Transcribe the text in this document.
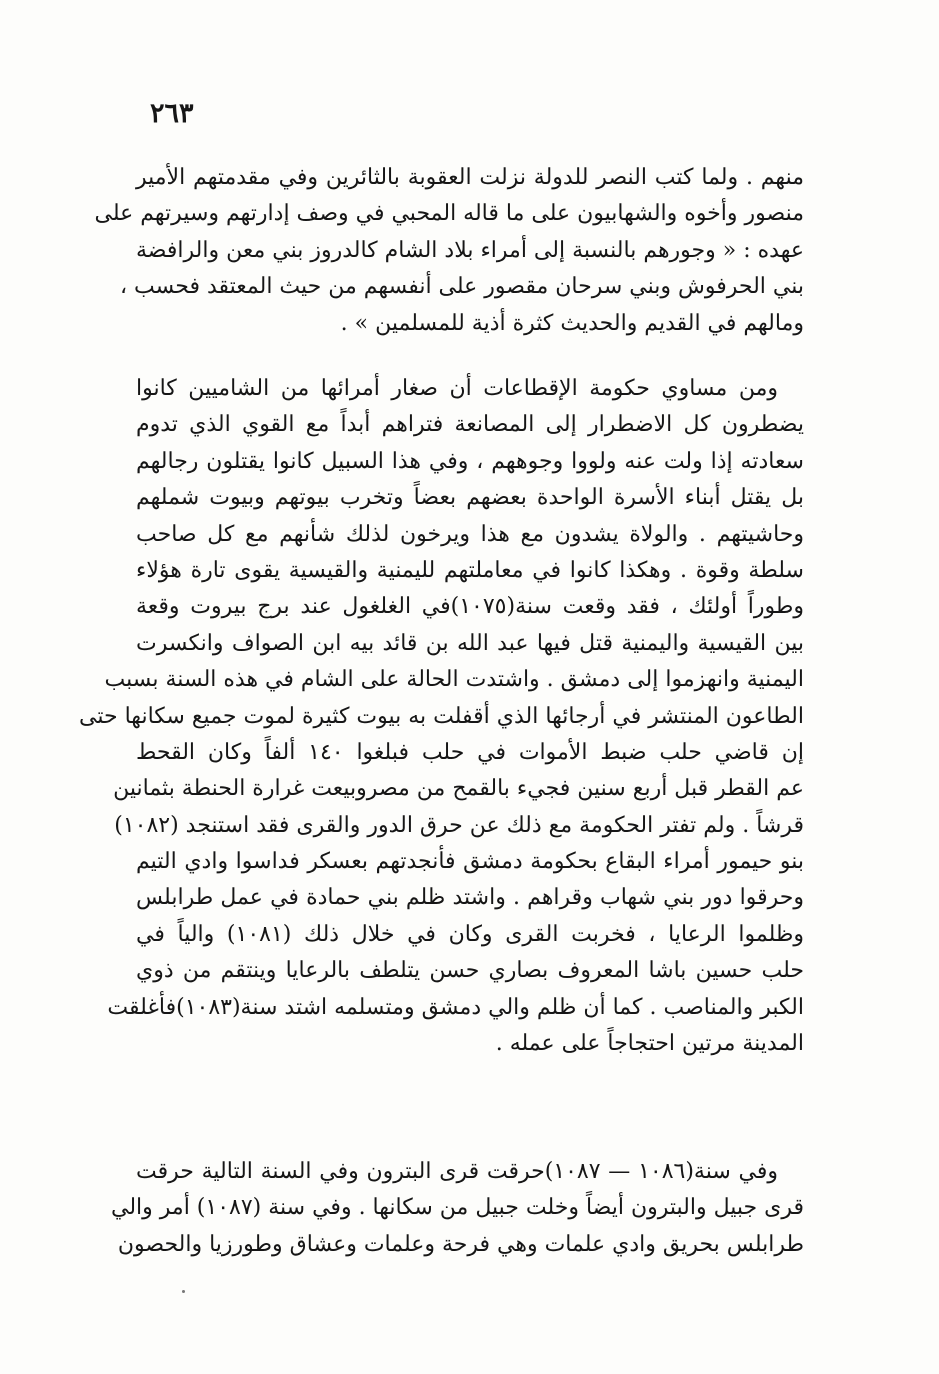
٢٦٣
منهم . ولما كتب النصر للدولة نزلت العقوبة بالثائرين وفي مقدمتهم الأمير
منصور وأخوه والشهابيون على ما قاله المحبي في وصف إدارتهم وسيرتهم على
عهده : « وجورهم بالنسبة إلى أمراء بلاد الشام كالدروز بني معن والرافضة
بني الحرفوش وبني سرحان مقصور على أنفسهم من حيث المعتقد فحسب ،
ومالهم في القديم والحديث كثرة أذية للمسلمين » .
ومن مساوي حكومة الإقطاعات أن صغار أمرائها من الشاميين كانوا
يضطرون كل الاضطرار إلى المصانعة فتراهم أبداً مع القوي الذي تدوم
سعادته إذا ولت عنه ولووا وجوههم ، وفي هذا السبيل كانوا يقتلون رجالهم
بل يقتل أبناء الأسرة الواحدة بعضهم بعضاً وتخرب بيوتهم وبيوت شملهم
وحاشيتهم . والولاة يشدون مع هذا ويرخون لذلك شأنهم مع كل صاحب
سلطة وقوة . وهكذا كانوا في معاملتهم لليمنية والقيسية يقوى تارة هؤلاء
وطوراً أولئك ، فقد وقعت سنة(١٠٧٥)في الغلغول عند برج بيروت وقعة
بين القيسية واليمنية قتل فيها عبد الله بن قائد بيه ابن الصواف وانكسرت
اليمنية وانهزموا إلى دمشق . واشتدت الحالة على الشام في هذه السنة بسبب
الطاعون المنتشر في أرجائها الذي أقفلت به بيوت كثيرة لموت جميع سكانها حتى
إن قاضي حلب ضبط الأموات في حلب فبلغوا ١٤٠ ألفاً وكان القحط
عم القطر قبل أربع سنين فجيء بالقمح من مصروبيعت غرارة الحنطة بثمانين
قرشاً . ولم تفتر الحكومة مع ذلك عن حرق الدور والقرى فقد استنجد (١٠٨٢)
بنو حيمور أمراء البقاع بحكومة دمشق فأنجدتهم بعسكر فداسوا وادي التيم
وحرقوا دور بني شهاب وقراهم . واشتد ظلم بني حمادة في عمل طرابلس
وظلموا الرعايا ، فخربت القرى وكان في خلال ذلك (١٠٨١) والياً في
حلب حسين باشا المعروف بصاري حسن يتلطف بالرعايا وينتقم من ذوي
الكبر والمناصب . كما أن ظلم والي دمشق ومتسلمه اشتد سنة(١٠٨٣)فأغلقت
المدينة مرتين احتجاجاً على عمله .
وفي سنة(١٠٨٦ — ١٠٨٧)حرقت قرى البترون وفي السنة التالية حرقت
قرى جبيل والبترون أيضاً وخلت جبيل من سكانها . وفي سنة (١٠٨٧) أمر والي
طرابلس بحريق وادي علمات وهي فرحة وعلمات وعشاق وطورزيا والحصون
